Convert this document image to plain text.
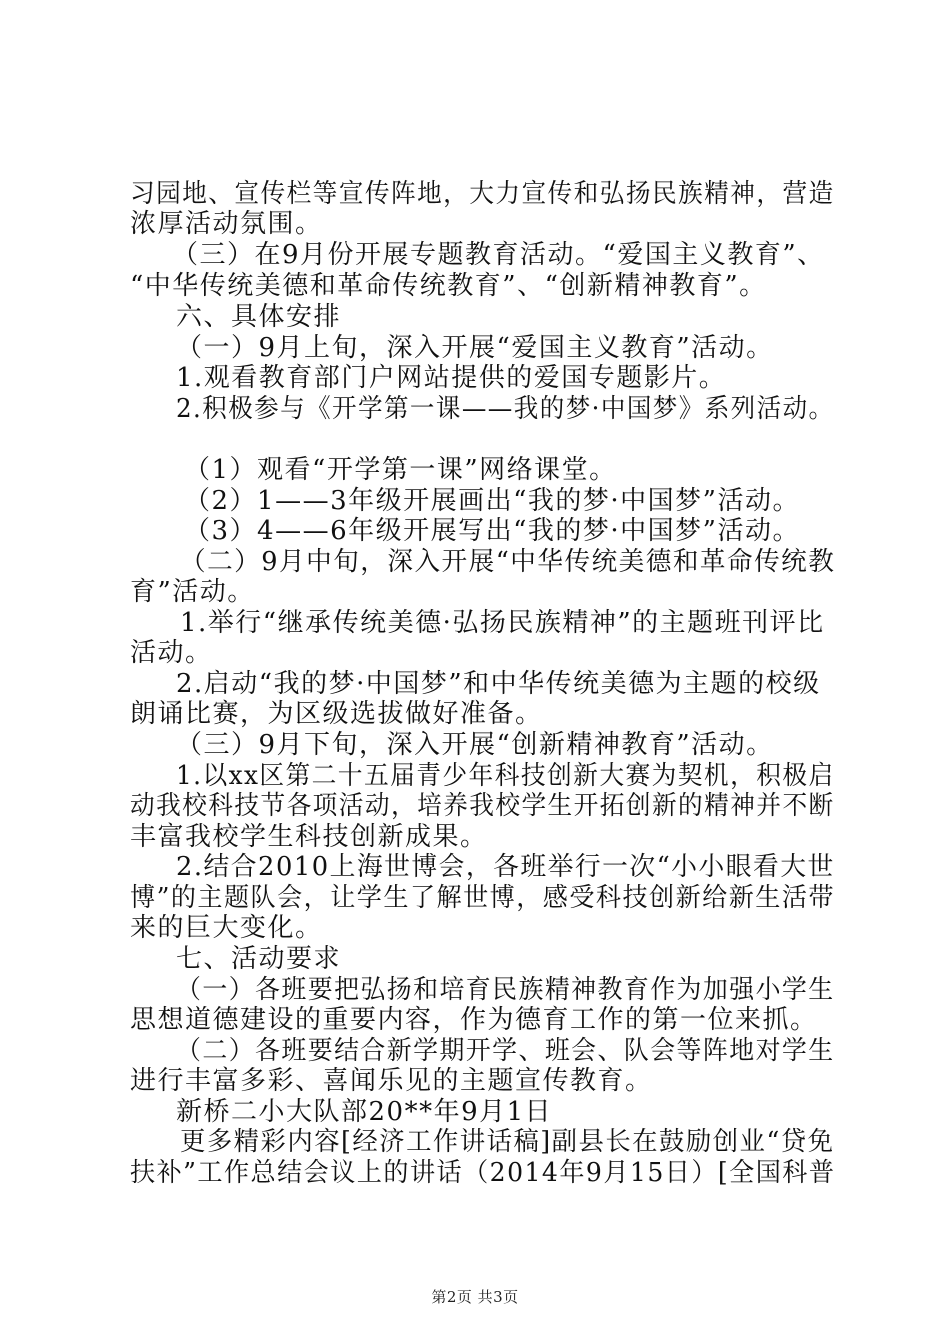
习园地、宣传栏等宣传阵地，大力宣传和弘扬民族精神，营造
浓厚活动氛围。
（三）在9月份开展专题教育活动。“爱国主义教育”、
“中华传统美德和革命传统教育”、“创新精神教育”。
六、具体安排
（一）9月上旬，深入开展“爱国主义教育”活动。
1.观看教育部门户网站提供的爱国专题影片。
2.积极参与《开学第一课——我的梦·中国梦》系列活动。
（1）观看“开学第一课”网络课堂。
（2）1——3年级开展画出“我的梦·中国梦”活动。
（3）4——6年级开展写出“我的梦·中国梦”活动。
（二）9月中旬，深入开展“中华传统美德和革命传统教
育”活动。
1.举行“继承传统美德·弘扬民族精神”的主题班刊评比
活动。
2.启动“我的梦·中国梦”和中华传统美德为主题的校级
朗诵比赛，为区级选拔做好准备。
（三）9月下旬，深入开展“创新精神教育”活动。
1.以xx区第二十五届青少年科技创新大赛为契机，积极启
动我校科技节各项活动，培养我校学生开拓创新的精神并不断
丰富我校学生科技创新成果。
2.结合2010上海世博会，各班举行一次“小小眼看大世
博”的主题队会，让学生了解世博，感受科技创新给新生活带
来的巨大变化。
七、活动要求
（一）各班要把弘扬和培育民族精神教育作为加强小学生
思想道德建设的重要内容，作为德育工作的第一位来抓。
（二）各班要结合新学期开学、班会、队会等阵地对学生
进行丰富多彩、喜闻乐见的主题宣传教育。
新桥二小大队部20**年9月1日
更多精彩内容[经济工作讲话稿]副县长在鼓励创业“贷免
扶补”工作总结会议上的讲话（2014年9月15日）[全国科普
第2页 共3页
